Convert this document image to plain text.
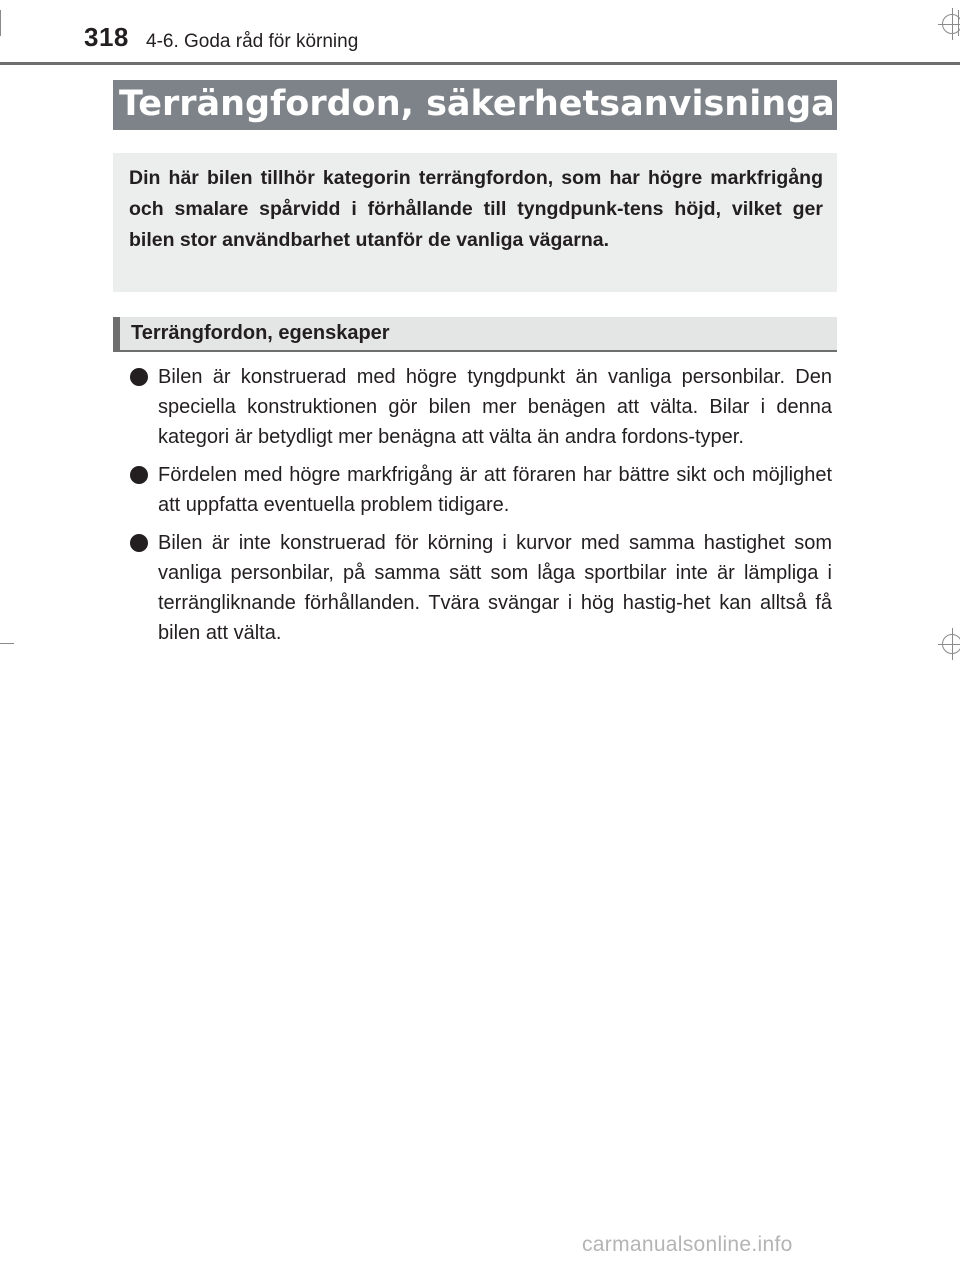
318 4-6. Goda råd för körning
Terrängfordon, säkerhetsanvisningar

Din här bilen tillhör kategorin terrängfordon, som har högre markfrigång och smalare spårvidd i förhållande till tyngdpunk-tens höjd, vilket ger bilen stor användbarhet utanför de vanliga vägarna.

Terrängfordon, egenskaper
Bilen är konstruerad med högre tyngdpunkt än vanliga personbilar. Den speciella konstruktionen gör bilen mer benägen att välta. Bilar i denna kategori är betydligt mer benägna att välta än andra fordons-typer.
Fördelen med högre markfrigång är att föraren har bättre sikt och möjlighet att uppfatta eventuella problem tidigare.
Bilen är inte konstruerad för körning i kurvor med samma hastighet som vanliga personbilar, på samma sätt som låga sportbilar inte är lämpliga i terrängliknande förhållanden. Tvära svängar i hög hastig-het kan alltså få bilen att välta.
carmanualsonline.info
